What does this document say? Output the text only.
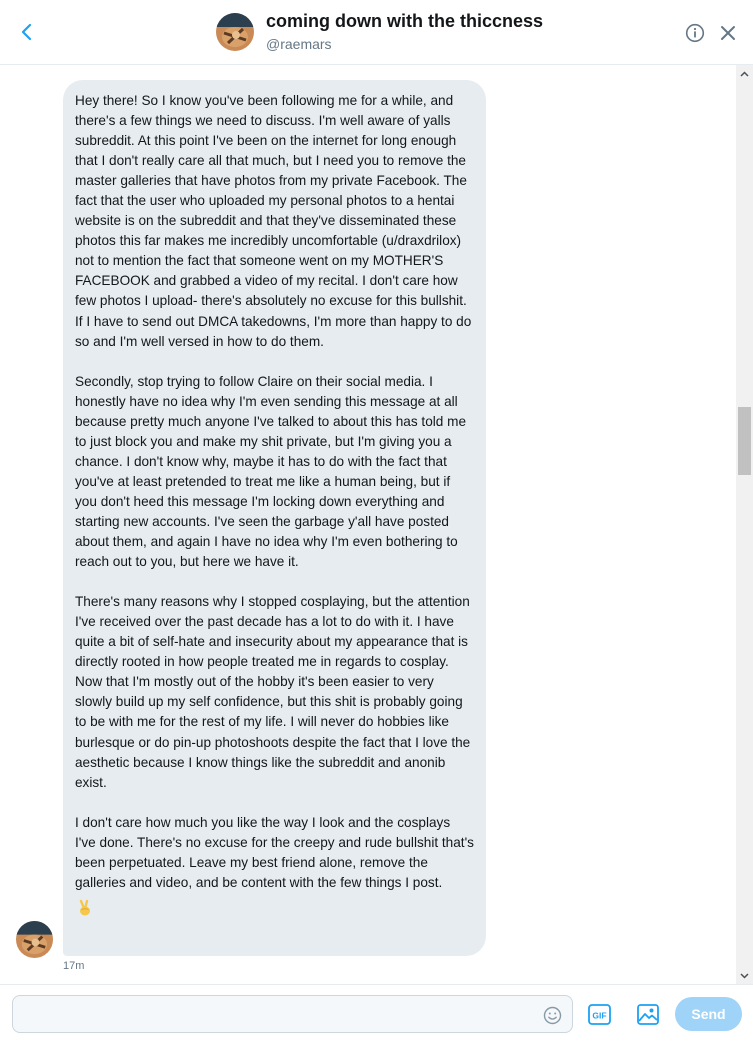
coming down with the thiccness
@raemars
Hey there! So I know you've been following me for a while, and there's a few things we need to discuss. I'm well aware of yalls subreddit. At this point I've been on the internet for long enough that I don't really care all that much, but I need you to remove the master galleries that have photos from my private Facebook. The fact that the user who uploaded my personal photos to a hentai website is on the subreddit and that they've disseminated these photos this far makes me incredibly uncomfortable (u/draxdrilox)  not to mention the fact that someone went on my MOTHER'S FACEBOOK and grabbed a video of my recital. I don't care how few photos I upload- there's absolutely no excuse for this bullshit. If I have to send out DMCA takedowns, I'm more than happy to do so and I'm well versed in how to do them.

Secondly, stop trying to follow Claire on their social media. I honestly have no idea why I'm even sending this message at all because pretty much anyone I've talked to about this has told me to just block you and make my shit private, but I'm giving you a chance. I don't know why, maybe it has to do with the fact that you've at least pretended to treat me like a human being, but if you don't heed this message I'm locking down everything and starting new accounts. I've seen the garbage y'all have posted about them, and again I have no idea why I'm even bothering to reach out to you, but here we have it.

There's many reasons why I stopped cosplaying, but the attention I've received over the past decade has a lot to do with it. I have quite a bit of self-hate and insecurity about my appearance that is directly rooted in how people treated me in regards to cosplay. Now that I'm mostly out of the hobby it's been easier to very slowly build up my self confidence, but this shit is probably going to be with me for the rest of my life. I will never do hobbies like burlesque or do pin-up photoshoots despite the fact that I love the aesthetic because I know things like the subreddit and anonib exist.

I don't care how much you like the way I look and the cosplays I've done. There's no excuse for the creepy and rude bullshit that's been perpetuated. Leave my best friend alone, remove the galleries and video, and be content with the few things I post.
17m
GIF	Send
